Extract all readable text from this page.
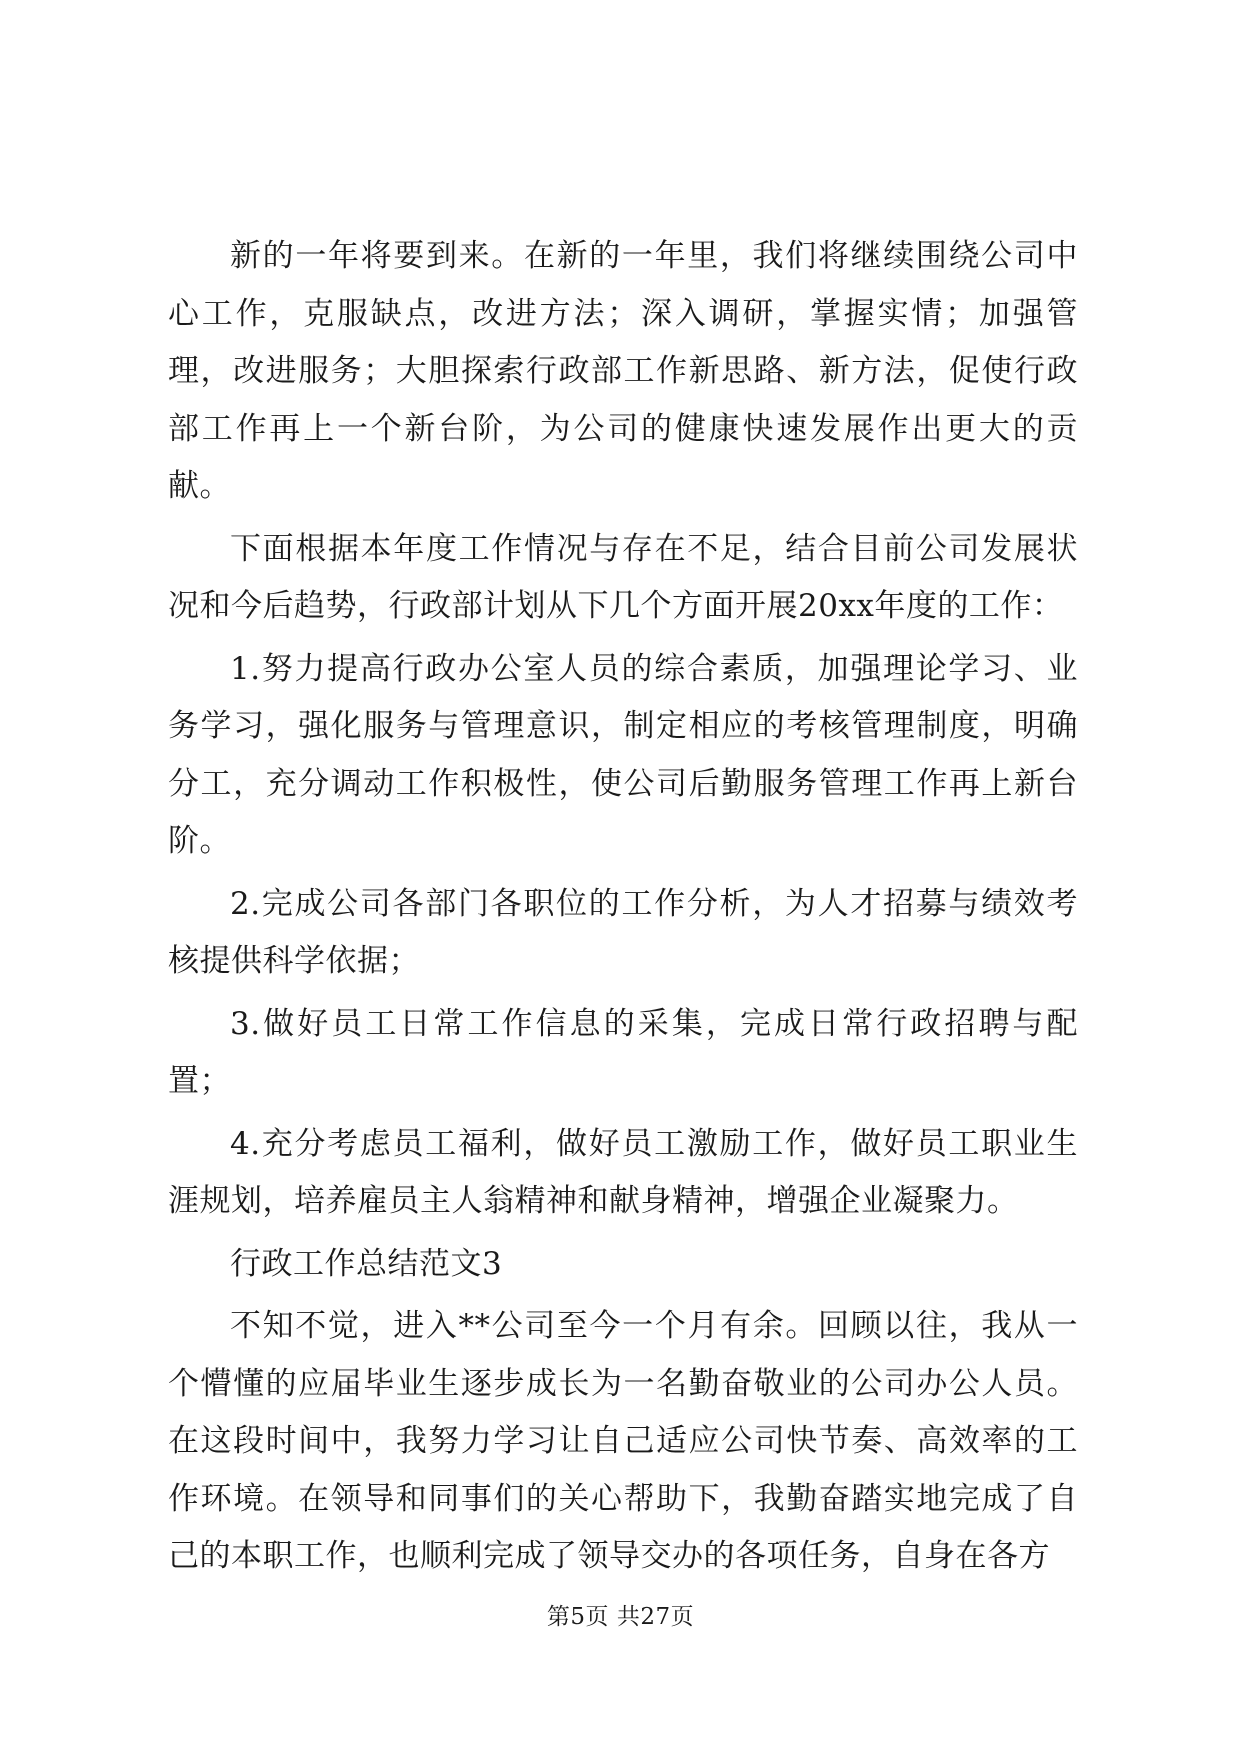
新的一年将要到来。在新的一年里，我们将继续围绕公司中心工作，克服缺点，改进方法；深入调研，掌握实情；加强管理，改进服务；大胆探索行政部工作新思路、新方法，促使行政部工作再上一个新台阶，为公司的健康快速发展作出更大的贡献。

下面根据本年度工作情况与存在不足，结合目前公司发展状况和今后趋势，行政部计划从下几个方面开展20xx年度的工作：

1.努力提高行政办公室人员的综合素质，加强理论学习、业务学习，强化服务与管理意识，制定相应的考核管理制度，明确分工，充分调动工作积极性，使公司后勤服务管理工作再上新台阶。

2.完成公司各部门各职位的工作分析，为人才招募与绩效考核提供科学依据；

3.做好员工日常工作信息的采集，完成日常行政招聘与配置；

4.充分考虑员工福利，做好员工激励工作，做好员工职业生涯规划，培养雇员主人翁精神和献身精神，增强企业凝聚力。

行政工作总结范文3

不知不觉，进入**公司至今一个月有余。回顾以往，我从一个懵懂的应届毕业生逐步成长为一名勤奋敬业的公司办公人员。在这段时间中，我努力学习让自己适应公司快节奏、高效率的工作环境。在领导和同事们的关心帮助下，我勤奋踏实地完成了自己的本职工作，也顺利完成了领导交办的各项任务，自身在各方

第5页 共27页
